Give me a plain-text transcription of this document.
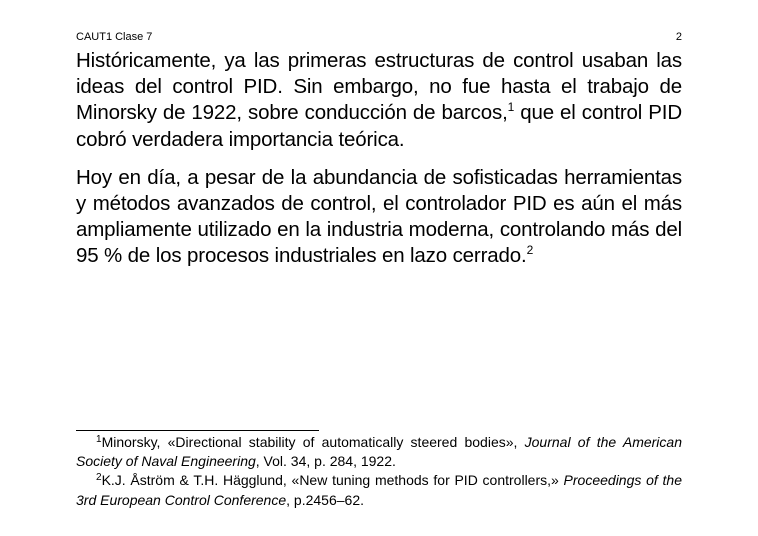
CAUT1 Clase 7	2

Históricamente, ya las primeras estructuras de control usaban las ideas del control PID. Sin embargo, no fue hasta el trabajo de Minorsky de 1922, sobre conducción de barcos,$^1$ que el control PID cobró verdadera importancia teórica.

Hoy en día, a pesar de la abundancia de sofisticadas herramientas y métodos avanzados de control, el controlador PID es aún el más ampliamente utilizado en la industria moderna, controlando más del 95 % de los procesos industriales en lazo cerrado.$^2$

$^1$Minorsky, «Directional stability of automatically steered bodies», Journal of the American Society of Naval Engineering, Vol. 34, p. 284, 1922.

$^2$K.J. Åström & T.H. Hägglund, «New tuning methods for PID controllers,» Proceedings of the 3rd European Control Conference, p.2456–62.
